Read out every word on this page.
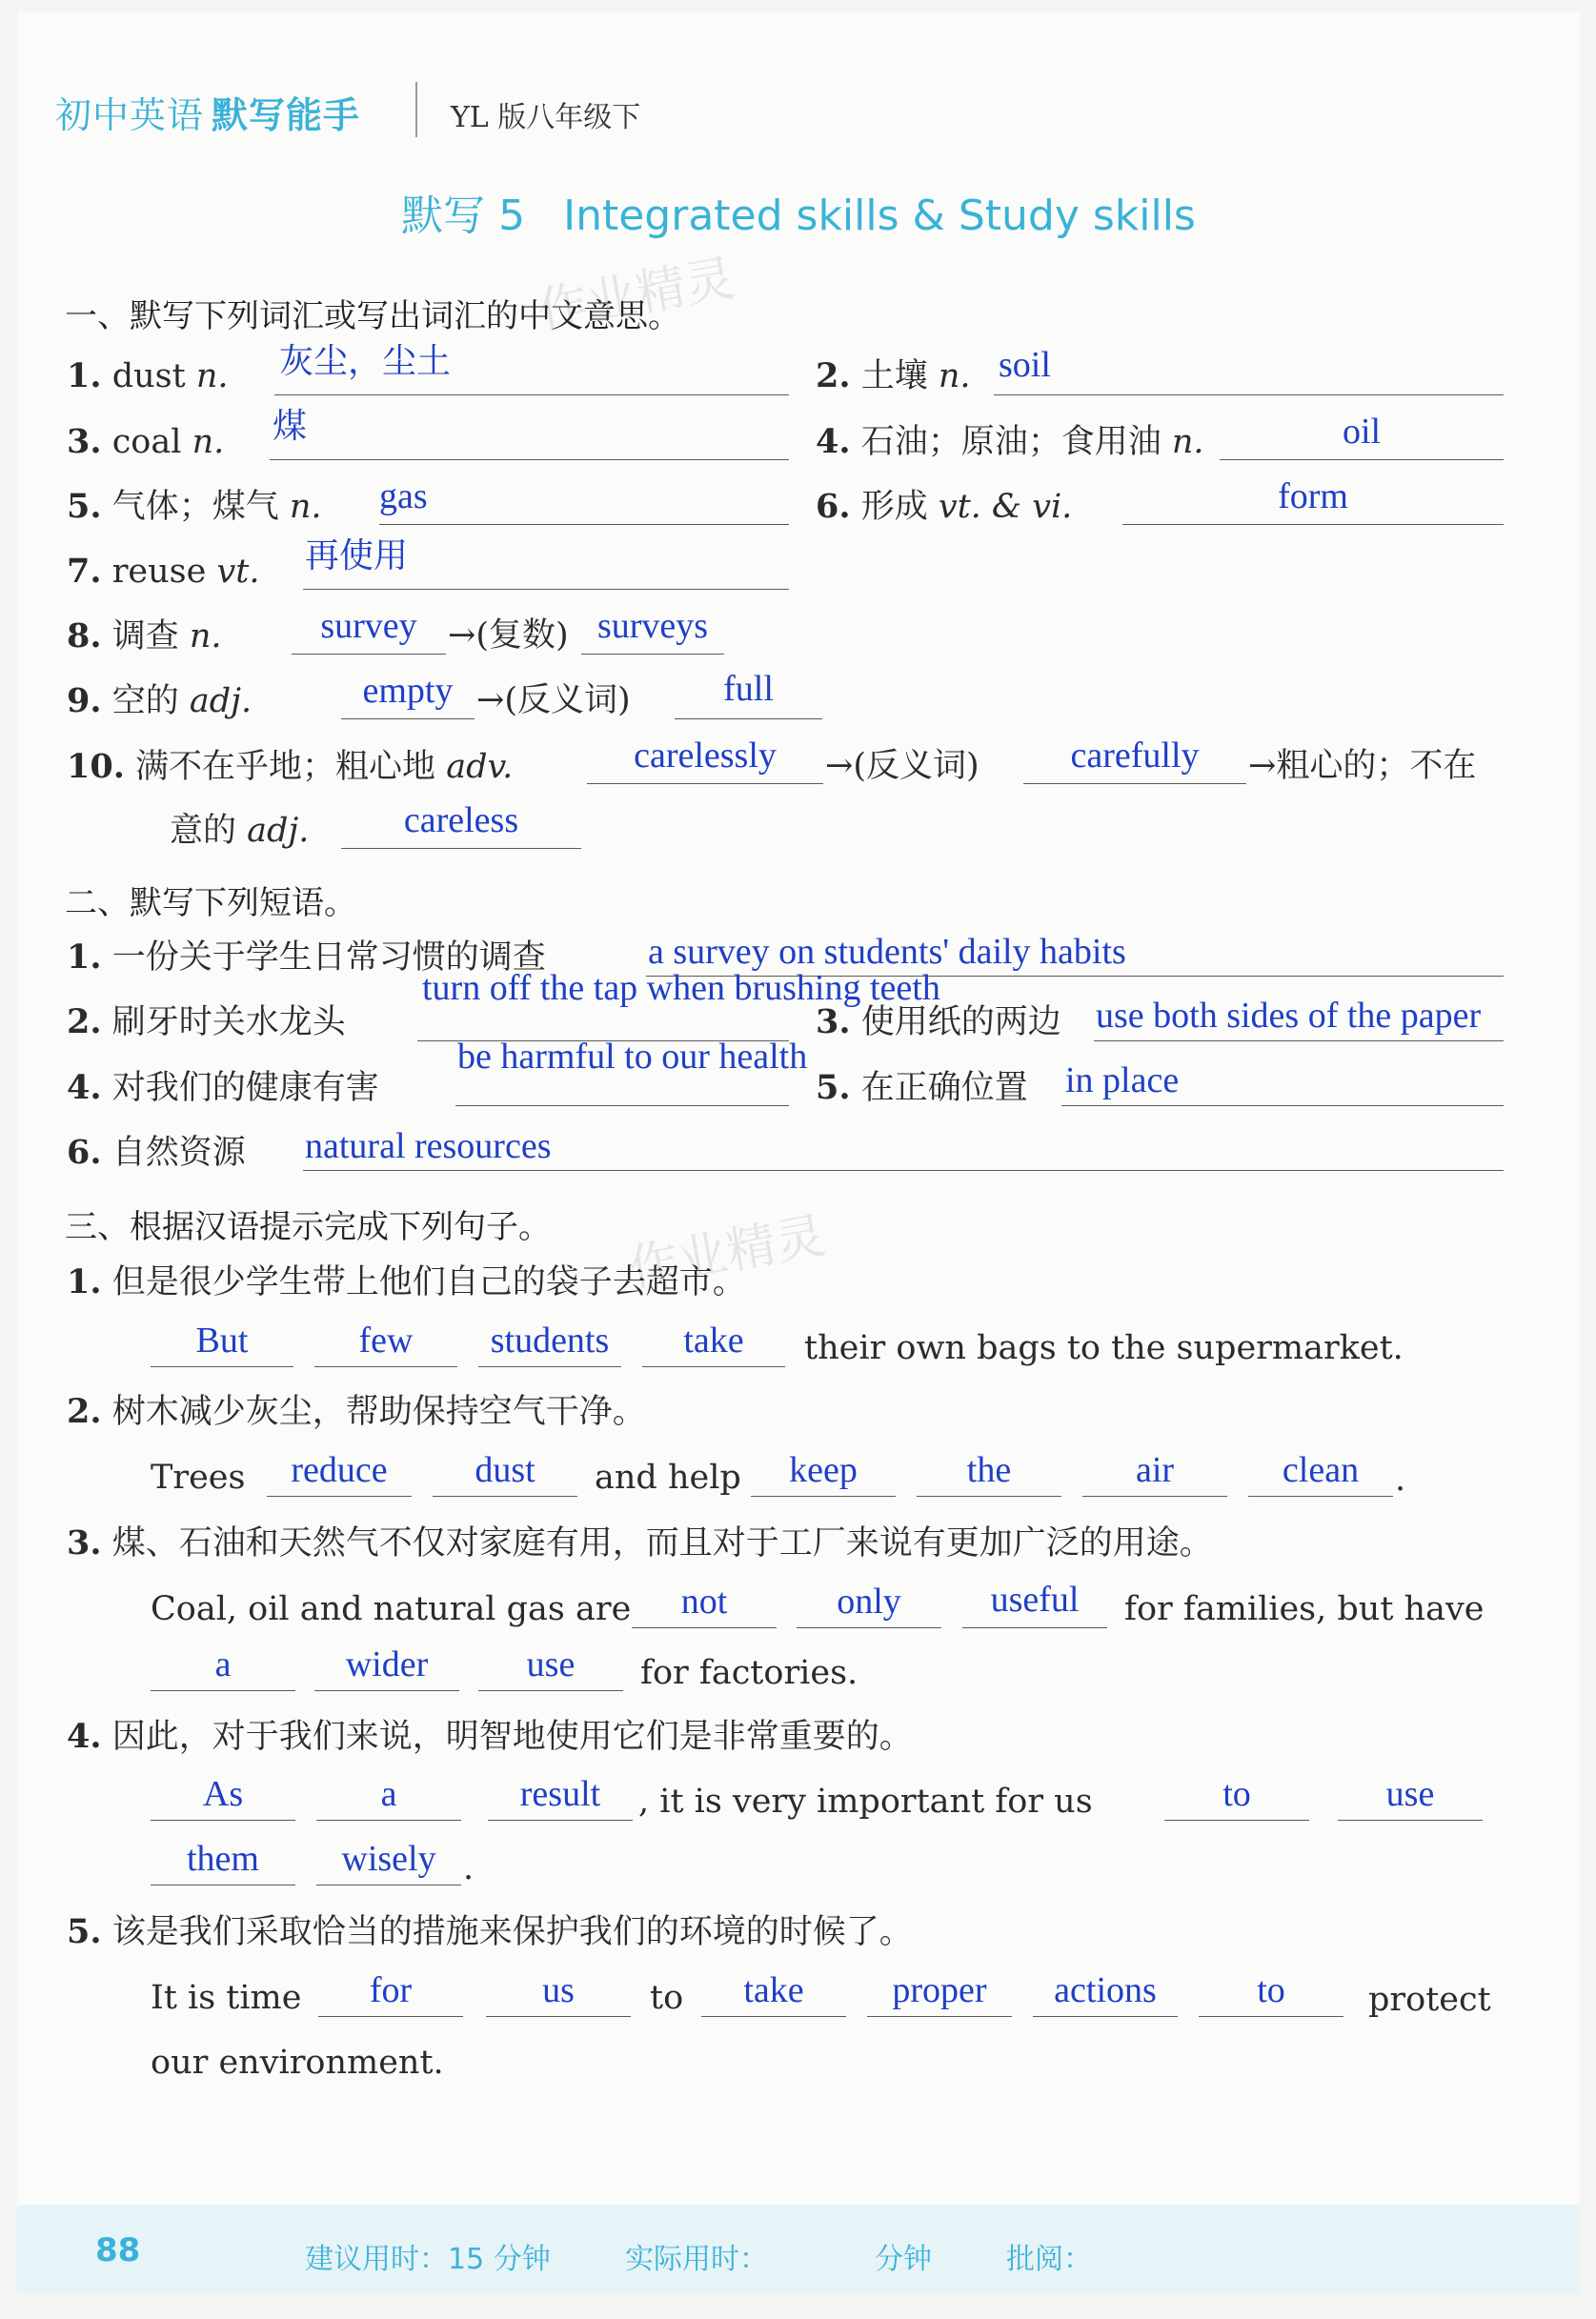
初中英语 默写能手	YL 版八年级下
默写 5 Integrated skills & Study skills
作业精灵
作业精灵
一、默写下列词汇或写出词汇的中文意思。
1. dust n. 灰尘，尘土	2. 土壤 n. soil
3. coal n. 煤	4. 石油；原油；食用油 n.	oil
5. 气体；煤气 n. gas	6. 形成 vt. & vi.	form
7. reuse vt. 再使用
8. 调查 n.	survey →(复数) surveys
9. 空的 adj.	empty →(反义词)	full
10. 满不在乎地；粗心地 adv.	carelessly	→(反义词)	carefully	→粗心的；不在
意的 adj.	careless
二、默写下列短语。
1. 一份关于学生日常习惯的调查	a survey on students' daily habits
2. 刷牙时关水龙头
turn off the tap when brushing teeth
3. 使用纸的两边 use both sides of the paper
4. 对我们的健康有害
be harmful to our health
5. 在正确位置 in place
6. 自然资源 natural resources
三、根据汉语提示完成下列句子。
1. 但是很少学生带上他们自己的袋子去超市。
But	few	students	take	their own bags to the supermarket.
2. 树木减少灰尘，帮助保持空气干净。
Trees	reduce	dust	and help	keep	the	air	clean	.
3. 煤、石油和天然气不仅对家庭有用，而且对于工厂来说有更加广泛的用途。
Coal, oil and natural gas are	not	only	useful	for families, but have
a	wider	use	for factories.
4. 因此，对于我们来说，明智地使用它们是非常重要的。
As	a	result	, it is very important for us	to	use
them	wisely .
5. 该是我们采取恰当的措施来保护我们的环境的时候了。
It is time	for	us	to	take	proper	actions	to	protect
our environment.
88	建议用时：15 分钟	实际用时：	分钟	批阅：
